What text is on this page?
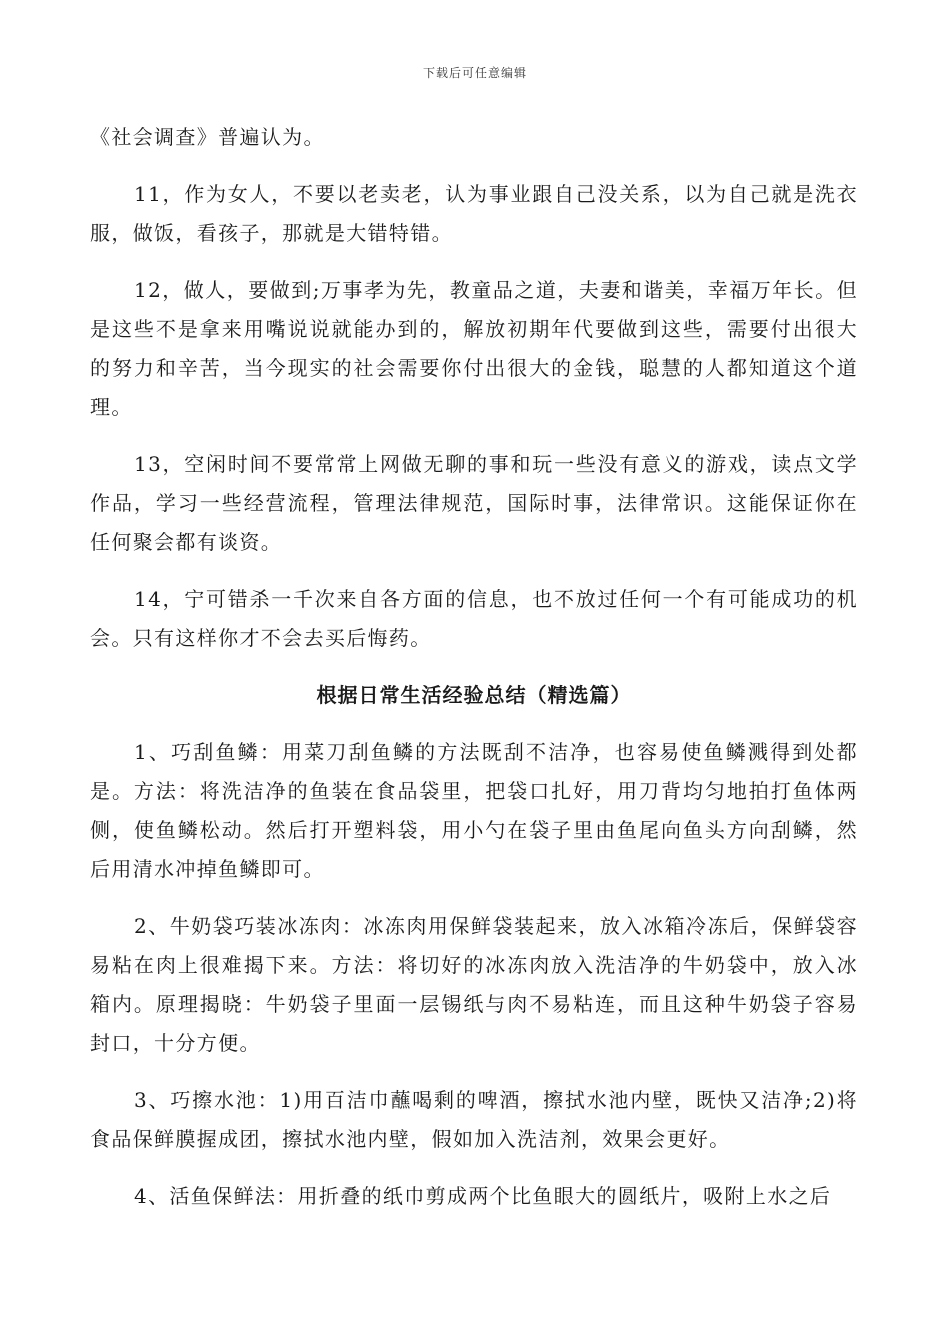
下载后可任意编辑

《社会调查》普遍认为。

11，作为女人，不要以老卖老，认为事业跟自己没关系，以为自己就是洗衣服，做饭，看孩子，那就是大错特错。

12，做人，要做到;万事孝为先，教童品之道，夫妻和谐美，幸福万年长。但是这些不是拿来用嘴说说就能办到的，解放初期年代要做到这些，需要付出很大的努力和辛苦，当今现实的社会需要你付出很大的金钱，聪慧的人都知道这个道理。

13，空闲时间不要常常上网做无聊的事和玩一些没有意义的游戏，读点文学作品，学习一些经营流程，管理法律规范，国际时事，法律常识。这能保证你在任何聚会都有谈资。

14，宁可错杀一千次来自各方面的信息，也不放过任何一个有可能成功的机会。只有这样你才不会去买后悔药。

根据日常生活经验总结（精选篇）

1、巧刮鱼鳞：用菜刀刮鱼鳞的方法既刮不洁净，也容易使鱼鳞溅得到处都是。方法：将洗洁净的鱼装在食品袋里，把袋口扎好，用刀背均匀地拍打鱼体两侧，使鱼鳞松动。然后打开塑料袋，用小勺在袋子里由鱼尾向鱼头方向刮鳞，然后用清水冲掉鱼鳞即可。

2、牛奶袋巧装冰冻肉：冰冻肉用保鲜袋装起来，放入冰箱冷冻后，保鲜袋容易粘在肉上很难揭下来。方法：将切好的冰冻肉放入洗洁净的牛奶袋中，放入冰箱内。原理揭晓：牛奶袋子里面一层锡纸与肉不易粘连，而且这种牛奶袋子容易封口，十分方便。

3、巧擦水池：1)用百洁巾蘸喝剩的啤酒，擦拭水池内壁，既快又洁净;2)将食品保鲜膜握成团，擦拭水池内壁，假如加入洗洁剂，效果会更好。

4、活鱼保鲜法：用折叠的纸巾剪成两个比鱼眼大的圆纸片，吸附上水之后
